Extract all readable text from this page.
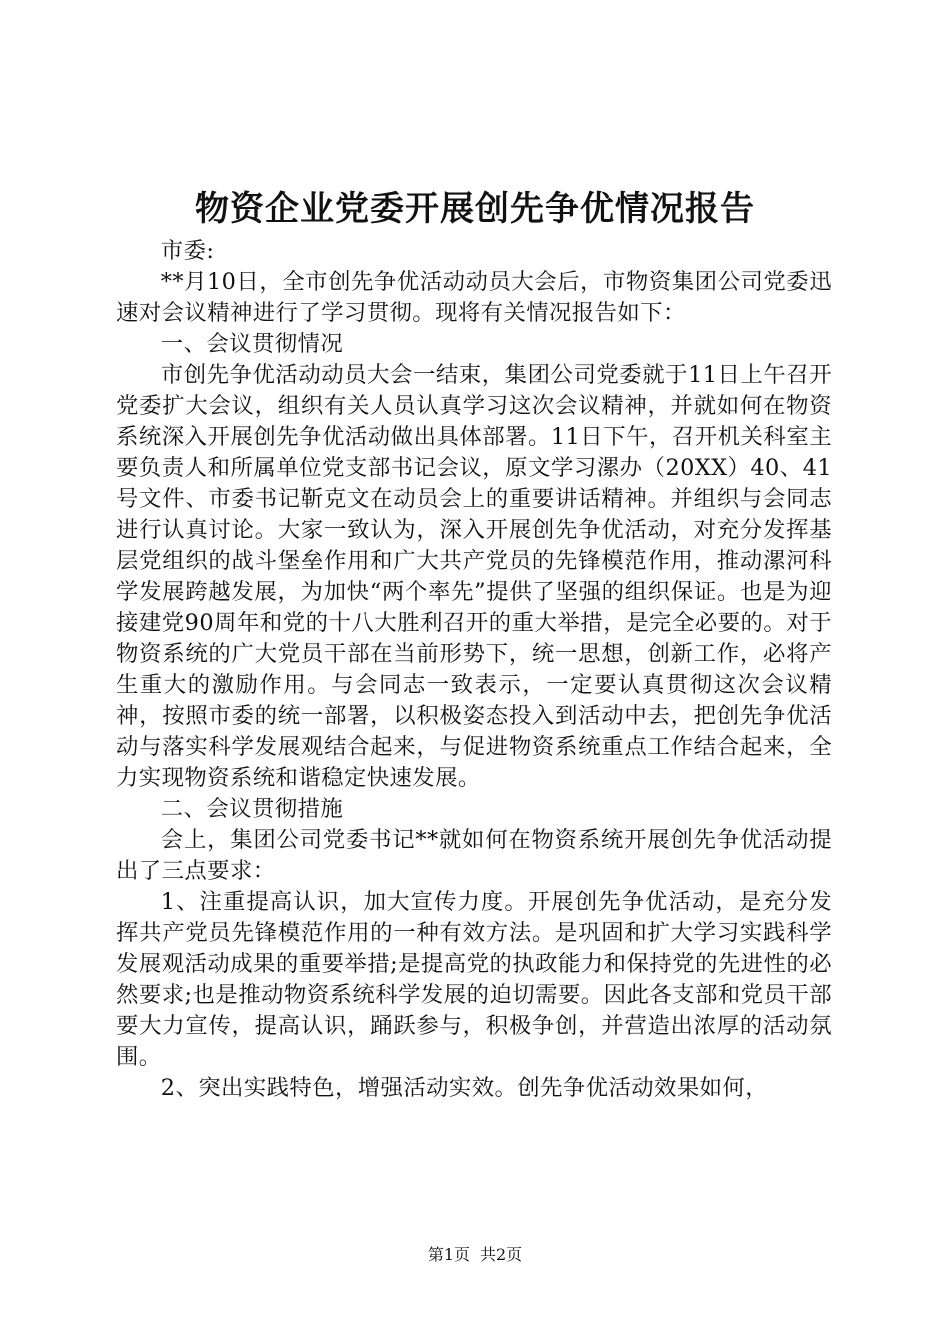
物资企业党委开展创先争优情况报告

市委:

**月10日，全市创先争优活动动员大会后，市物资集团公司党委迅速对会议精神进行了学习贯彻。现将有关情况报告如下：

一、会议贯彻情况

市创先争优活动动员大会一结束，集团公司党委就于11日上午召开党委扩大会议，组织有关人员认真学习这次会议精神，并就如何在物资系统深入开展创先争优活动做出具体部署。11日下午，召开机关科室主要负责人和所属单位党支部书记会议，原文学习漯办（20XX）40、41号文件、市委书记靳克文在动员会上的重要讲话精神。并组织与会同志进行认真讨论。大家一致认为，深入开展创先争优活动，对充分发挥基层党组织的战斗堡垒作用和广大共产党员的先锋模范作用，推动漯河科学发展跨越发展，为加快“两个率先”提供了坚强的组织保证。也是为迎接建党90周年和党的十八大胜利召开的重大举措，是完全必要的。对于物资系统的广大党员干部在当前形势下，统一思想，创新工作，必将产生重大的激励作用。与会同志一致表示，一定要认真贯彻这次会议精神，按照市委的统一部署，以积极姿态投入到活动中去，把创先争优活动与落实科学发展观结合起来，与促进物资系统重点工作结合起来，全力实现物资系统和谐稳定快速发展。

二、会议贯彻措施

会上，集团公司党委书记**就如何在物资系统开展创先争优活动提出了三点要求：

1、注重提高认识，加大宣传力度。开展创先争优活动，是充分发挥共产党员先锋模范作用的一种有效方法。是巩固和扩大学习实践科学发展观活动成果的重要举措;是提高党的执政能力和保持党的先进性的必然要求;也是推动物资系统科学发展的迫切需要。因此各支部和党员干部要大力宣传，提高认识，踊跃参与，积极争创，并营造出浓厚的活动氛围。

2、突出实践特色，增强活动实效。创先争优活动效果如何，

第1页 共2页
